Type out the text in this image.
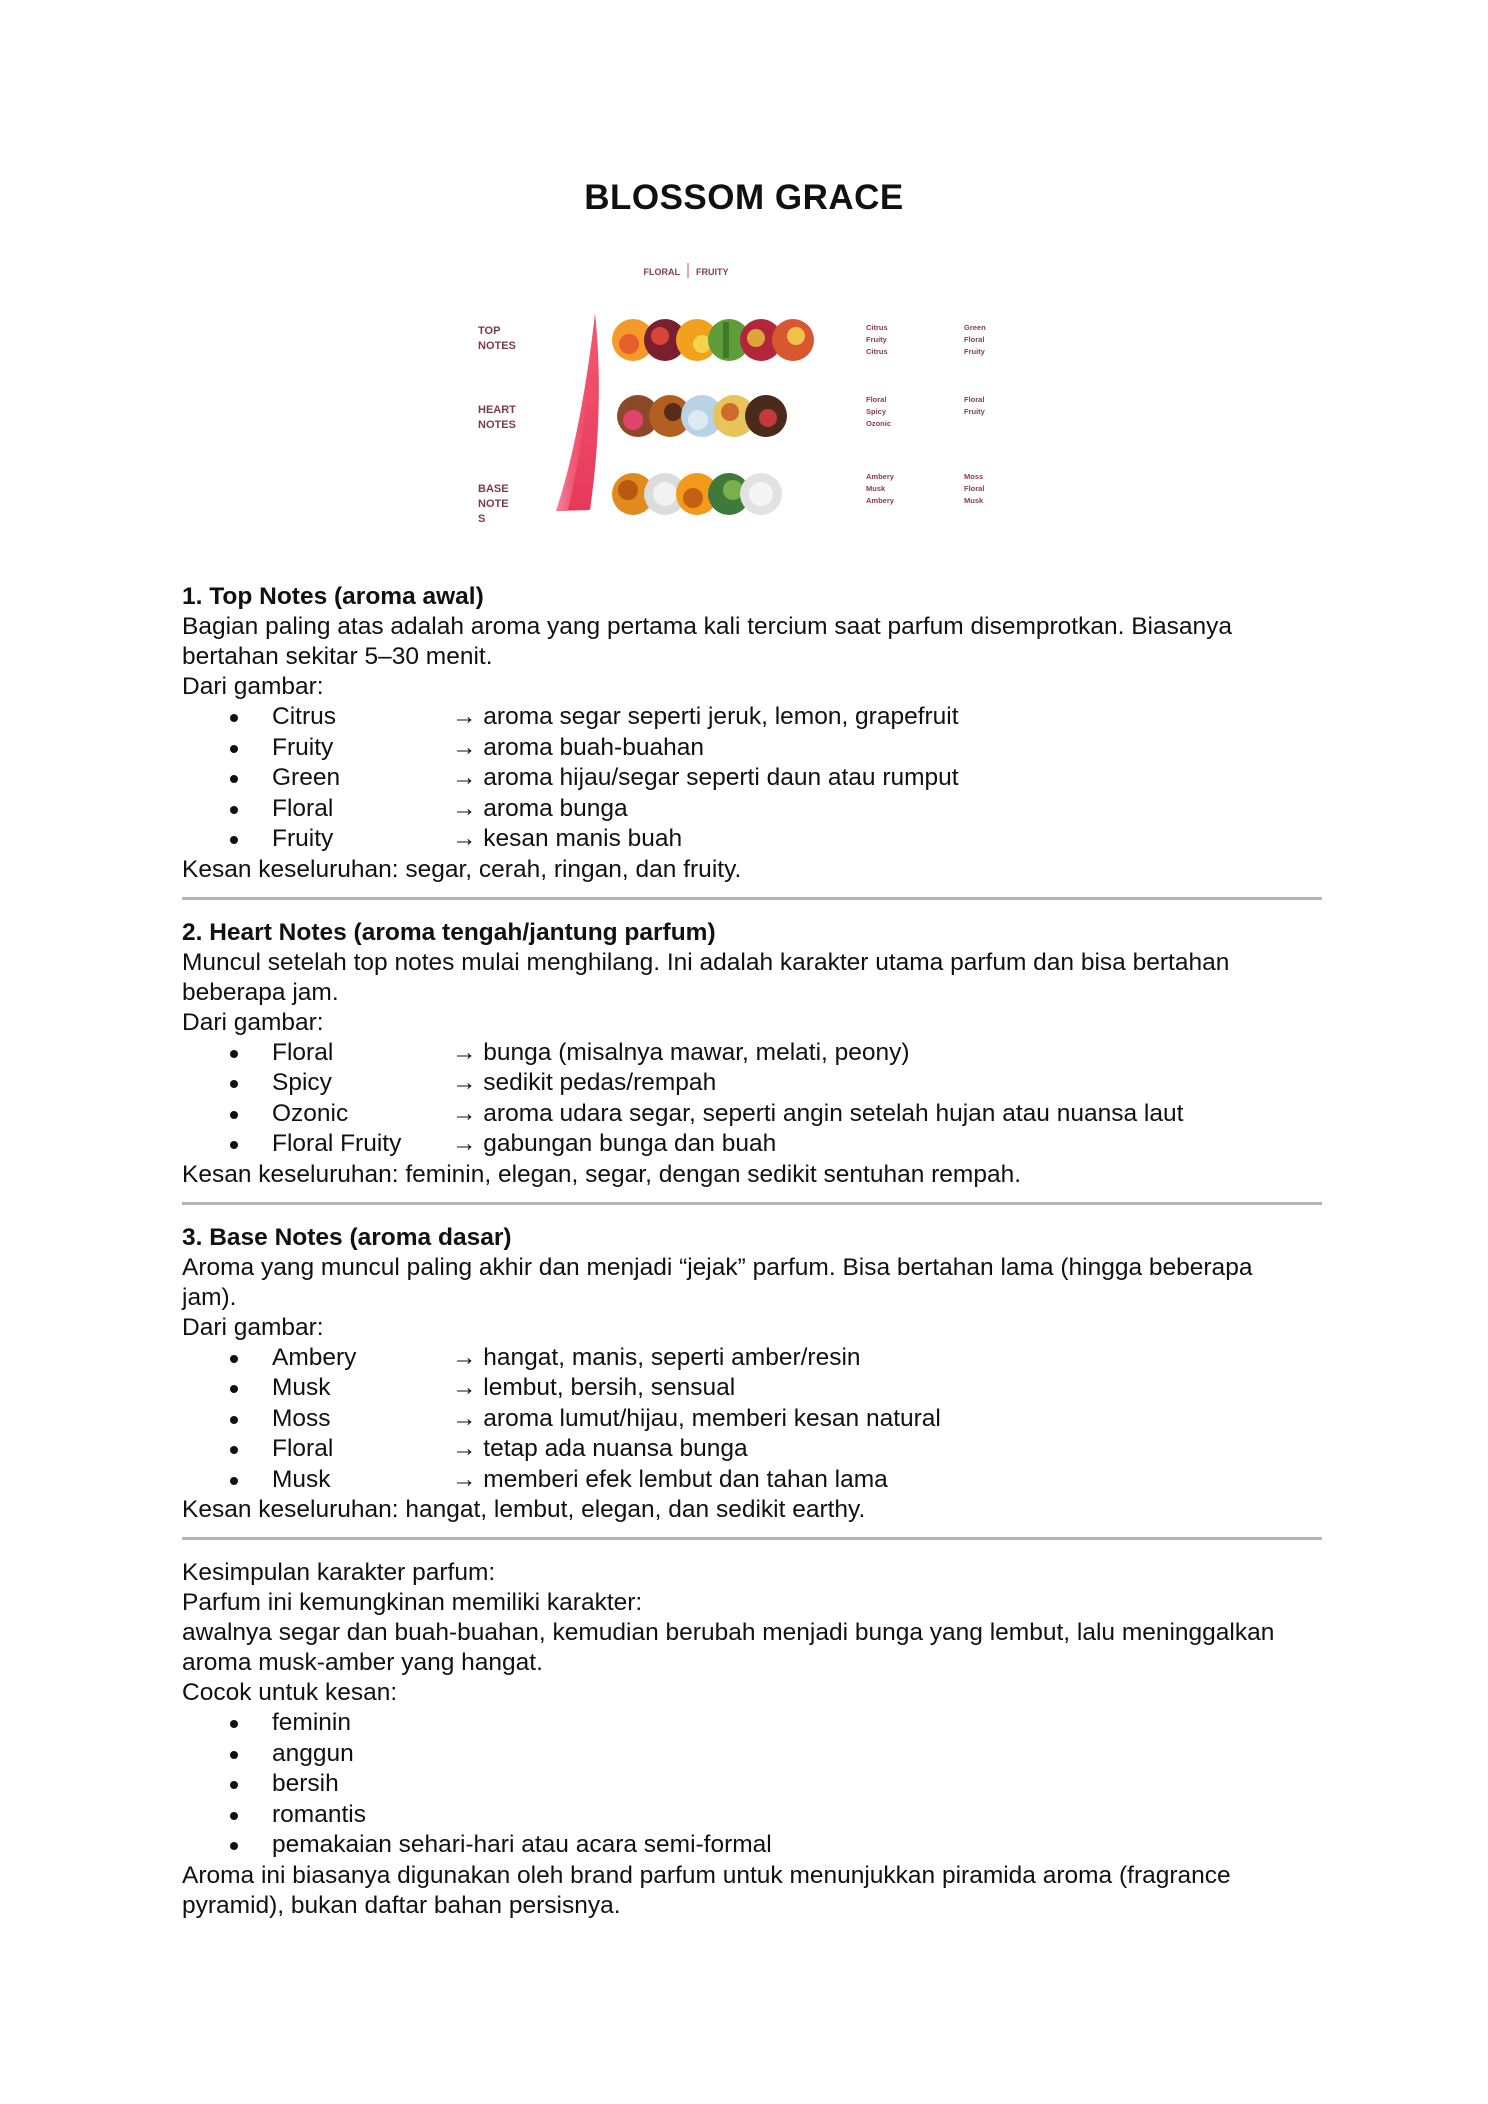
BLOSSOM GRACE
FLORAL FRUITY
TOP
NOTES
HEART
NOTES
BASE
NOTE
S
Citrus
Fruity
Citrus
Green
Floral
Fruity
Floral
Spicy
Ozonic
Floral
Fruity
Ambery
Musk
Ambery
Moss
Floral
Musk

1. Top Notes (aroma awal)

Bagian paling atas adalah aroma yang pertama kali tercium saat parfum disemprotkan. Biasanya

bertahan sekitar 5–30 menit.

Dari gambar:

Citrus	→ aroma segar seperti jeruk, lemon, grapefruit
Fruity	→ aroma buah-buahan
Green	→ aroma hijau/segar seperti daun atau rumput
Floral	→ aroma bunga
Fruity	→ kesan manis buah

Kesan keseluruhan: segar, cerah, ringan, dan fruity.

2. Heart Notes (aroma tengah/jantung parfum)

Muncul setelah top notes mulai menghilang. Ini adalah karakter utama parfum dan bisa bertahan

beberapa jam.

Dari gambar:

Floral	→ bunga (misalnya mawar, melati, peony)
Spicy	→ sedikit pedas/rempah
Ozonic	→ aroma udara segar, seperti angin setelah hujan atau nuansa laut
Floral Fruity → gabungan bunga dan buah

Kesan keseluruhan: feminin, elegan, segar, dengan sedikit sentuhan rempah.

3. Base Notes (aroma dasar)

Aroma yang muncul paling akhir dan menjadi “jejak” parfum. Bisa bertahan lama (hingga beberapa

jam).

Dari gambar:

Ambery	→ hangat, manis, seperti amber/resin
Musk	→ lembut, bersih, sensual
Moss	→ aroma lumut/hijau, memberi kesan natural
Floral	→ tetap ada nuansa bunga
Musk	→ memberi efek lembut dan tahan lama

Kesan keseluruhan: hangat, lembut, elegan, dan sedikit earthy.

Kesimpulan karakter parfum:

Parfum ini kemungkinan memiliki karakter:

awalnya segar dan buah-buahan, kemudian berubah menjadi bunga yang lembut, lalu meninggalkan

aroma musk-amber yang hangat.

Cocok untuk kesan:

feminin
anggun
bersih
romantis
pemakaian sehari-hari atau acara semi-formal

Aroma ini biasanya digunakan oleh brand parfum untuk menunjukkan piramida aroma (fragrance

pyramid), bukan daftar bahan persisnya.
